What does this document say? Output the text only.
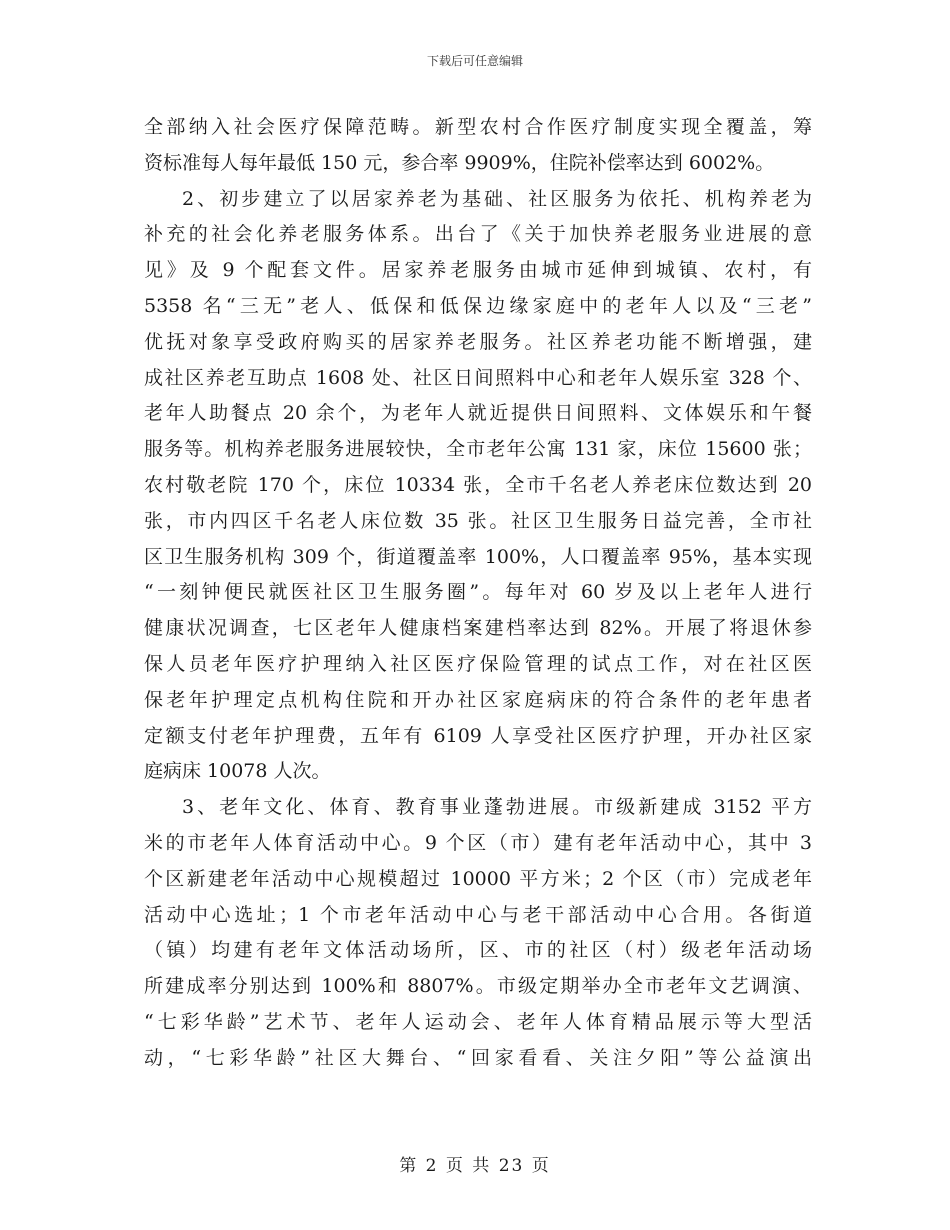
下载后可任意编辑
全部纳入社会医疗保障范畴。新型农村合作医疗制度实现全覆盖，筹
资标准每人每年最低 150 元，参合率 9909%，住院补偿率达到 6002%。
2、初步建立了以居家养老为基础、社区服务为依托、机构养老为
补充的社会化养老服务体系。出台了《关于加快养老服务业进展的意
见》及 9 个配套文件。居家养老服务由城市延伸到城镇、农村，有
5358 名“三无”老人、低保和低保边缘家庭中的老年人以及“三老”
优抚对象享受政府购买的居家养老服务。社区养老功能不断增强，建
成社区养老互助点 1608 处、社区日间照料中心和老年人娱乐室 328 个、
老年人助餐点 20 余个，为老年人就近提供日间照料、文体娱乐和午餐
服务等。机构养老服务进展较快，全市老年公寓 131 家，床位 15600 张；
农村敬老院 170 个，床位 10334 张，全市千名老人养老床位数达到 20
张，市内四区千名老人床位数 35 张。社区卫生服务日益完善，全市社
区卫生服务机构 309 个，街道覆盖率 100%，人口覆盖率 95%，基本实现
“一刻钟便民就医社区卫生服务圈”。每年对 60 岁及以上老年人进行
健康状况调查，七区老年人健康档案建档率达到 82%。开展了将退休参
保人员老年医疗护理纳入社区医疗保险管理的试点工作，对在社区医
保老年护理定点机构住院和开办社区家庭病床的符合条件的老年患者
定额支付老年护理费，五年有 6109 人享受社区医疗护理，开办社区家
庭病床 10078 人次。
3、老年文化、体育、教育事业蓬勃进展。市级新建成 3152 平方
米的市老年人体育活动中心。9 个区（市）建有老年活动中心，其中 3
个区新建老年活动中心规模超过 10000 平方米；2 个区（市）完成老年
活动中心选址；1 个市老年活动中心与老干部活动中心合用。各街道
（镇）均建有老年文体活动场所，区、市的社区（村）级老年活动场
所建成率分别达到 100%和 8807%。市级定期举办全市老年文艺调演、
“七彩华龄”艺术节、老年人运动会、老年人体育精品展示等大型活
动，“七彩华龄”社区大舞台、“回家看看、关注夕阳”等公益演出
第 2 页 共 23 页
